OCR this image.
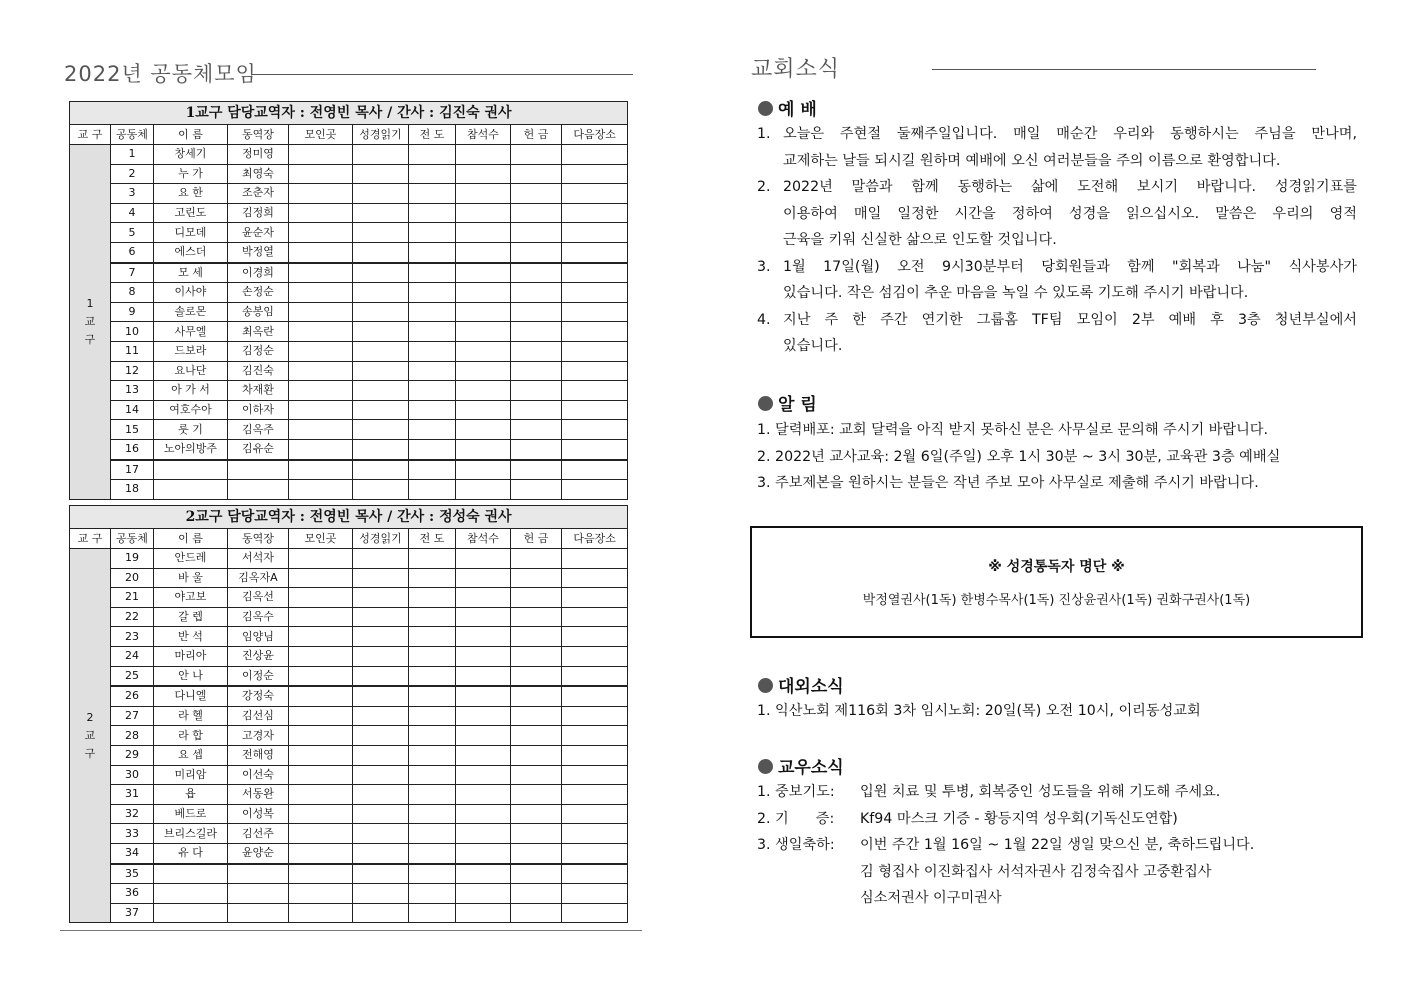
2022년 공동체모임
1교구 담당교역자 : 전영빈 목사 / 간사 : 김진숙 권사									
교 구	공동체	이 름	동역장	모인곳	성경읽기	전 도	참석수	헌 금	다음장소

1교구	1	창세기	정미영						
	2	누 가	최영숙						
	3	요 한	조춘자						
	4	고린도	김정희						
	5	디모데	윤순자						
	6	에스더	박정열						
	7	모 세	이경희						
	8	이사야	손정순						
	9	솔로몬	송봉임						
	10	사무엘	최옥란						
	11	드보라	김정순						
	12	요나단	김진숙						
	13	아 가 서	차재환						
	14	여호수아	이하자						
	15	룻 기	김옥주						
	16	노아의방주	김유순						
	17								
	18								
2교구 담당교역자 : 전영빈 목사 / 간사 : 정성숙 권사									
교 구	공동체	이 름	동역장	모인곳	성경읽기	전 도	참석수	헌 금	다음장소

2교구	19	안드레	서석자						
	20	바 울	김옥자A						
	21	야고보	김옥선						
	22	갈 렙	김옥수						
	23	반 석	임양님						
	24	마리아	진상윤						
	25	안 나	이정순						
	26	다니엘	강정숙						
	27	라 헬	김선심						
	28	라 합	고경자						
	29	요 셉	전해영						
	30	미리암	이선숙						
	31	욥	서동완						
	32	베드로	이성복						
	33	브리스길라	김선주						
	34	유 다	윤양순						
	35								
	36								
	37								
교회소식
예 배
1. 오늘은 주현절 둘째주일입니다. 매일 매순간 우리와 동행하시는 주님을 만나며,
교제하는 날들 되시길 원하며 예배에 오신 여러분들을 주의 이름으로 환영합니다.
2. 2022년 말씀과 함께 동행하는 삶에 도전해 보시기 바랍니다. 성경읽기표를
이용하여 매일 일정한 시간을 정하여 성경을 읽으십시오. 말씀은 우리의 영적
근육을 키워 신실한 삶으로 인도할 것입니다.
3. 1월 17일(월) 오전 9시30분부터 당회원들과 함께 "회복과 나눔" 식사봉사가
있습니다. 작은 섬김이 추운 마음을 녹일 수 있도록 기도해 주시기 바랍니다.
4. 지난 주 한 주간 연기한 그룹홈 TF팀 모임이 2부 예배 후 3층 청년부실에서
있습니다.
알 림
1. 달력배포: 교회 달력을 아직 받지 못하신 분은 사무실로 문의해 주시기 바랍니다.
2. 2022년 교사교육: 2월 6일(주일) 오후 1시 30분 ~ 3시 30분, 교육관 3층 예배실
3. 주보제본을 원하시는 분들은 작년 주보 모아 사무실로 제출해 주시기 바랍니다.
※ 성경통독자 명단 ※
박정열권사(1독) 한병수목사(1독) 진상윤권사(1독) 권화구권사(1독)
대외소식
1. 익산노회 제116회 3차 임시노회: 20일(목) 오전 10시, 이리동성교회
교우소식
1. 중보기도: 입원 치료 및 투병, 회복중인 성도들을 위해 기도해 주세요.
2. 기      증: Kf94 마스크 기증 - 황등지역 성우회(기독신도연합)
3. 생일축하: 이번 주간 1월 16일 ~ 1월 22일 생일 맞으신 분, 축하드립니다.
김 형집사 이진화집사 서석자권사 김정숙집사 고중환집사
심소저권사 이구미권사
